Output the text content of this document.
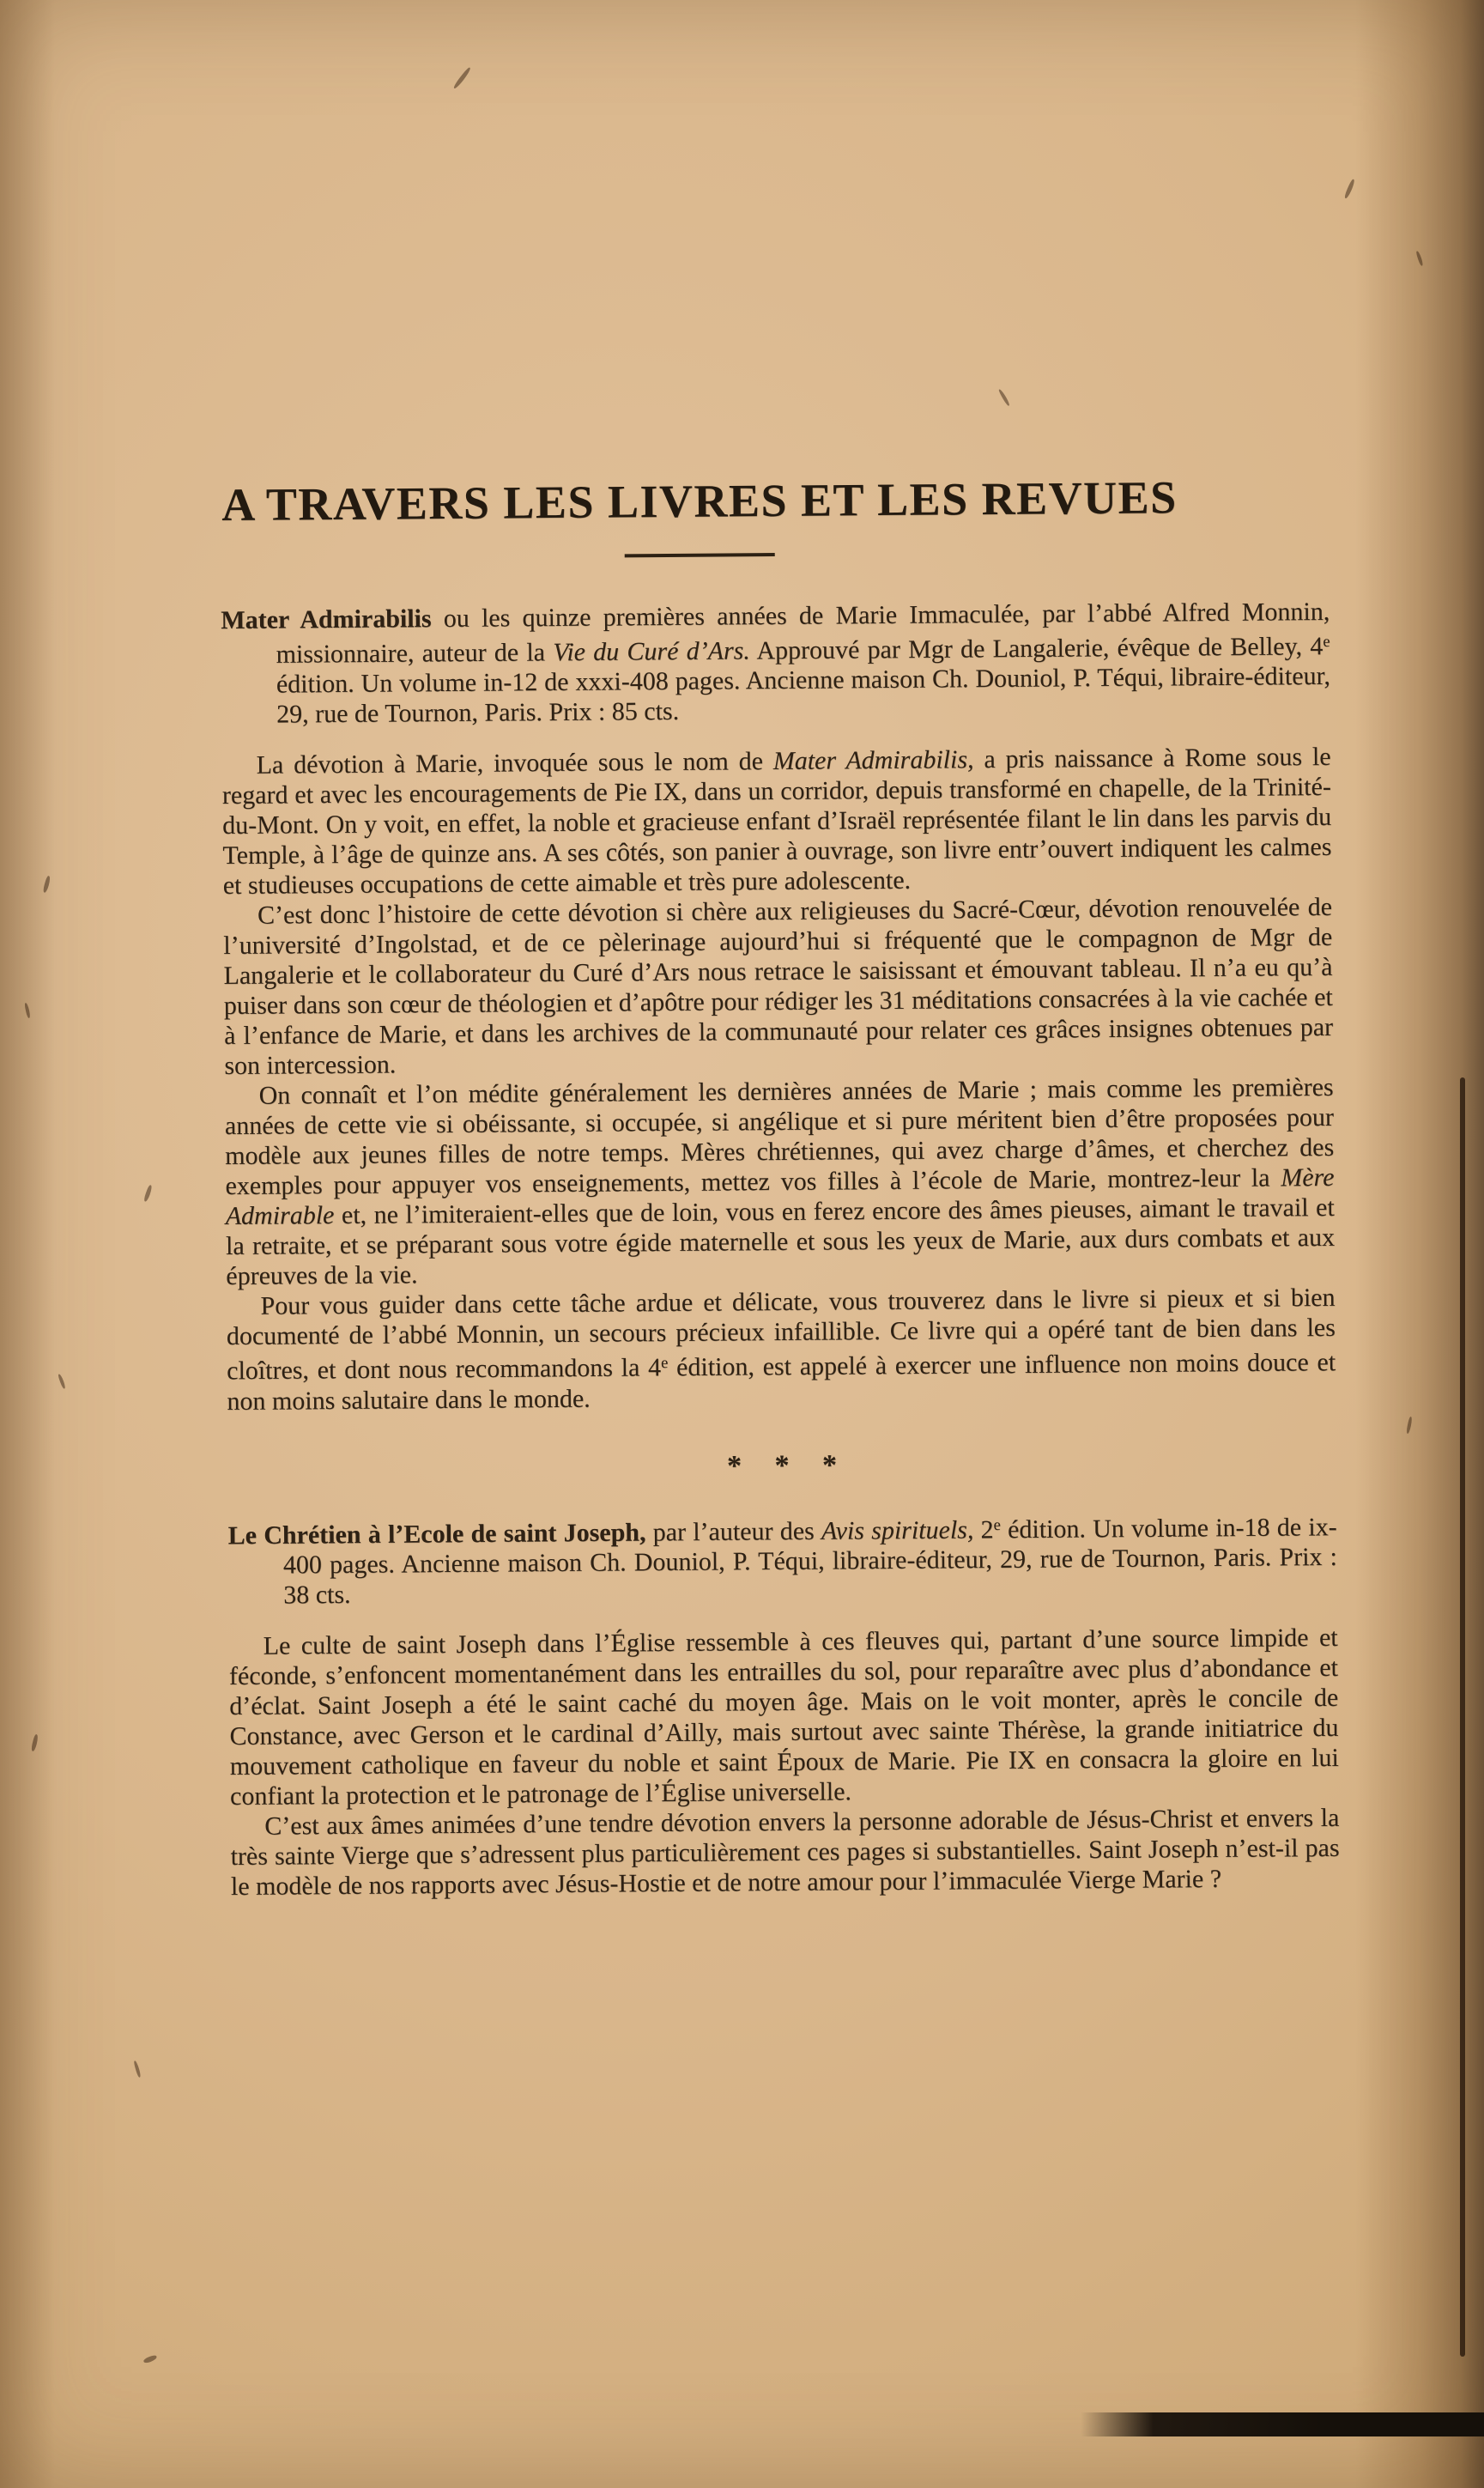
A TRAVERS LES LIVRES ET LES REVUES

Mater Admirabilis ou les quinze premières années de Marie Immaculée, par l’abbé Alfred Monnin, missionnaire, auteur de la Vie du Curé d’Ars. Approuvé par Mgr de Langalerie, évêque de Belley, 4e édition. Un volume in-12 de xxxi-408 pages. Ancienne maison Ch. Douniol, P. Téqui, libraire-éditeur, 29, rue de Tournon, Paris. Prix : 85 cts.

La dévotion à Marie, invoquée sous le nom de Mater Admirabilis, a pris naissance à Rome sous le regard et avec les encouragements de Pie IX, dans un corridor, depuis transformé en chapelle, de la Trinité-du-Mont. On y voit, en effet, la noble et gracieuse enfant d’Israël représentée filant le lin dans les parvis du Temple, à l’âge de quinze ans. A ses côtés, son panier à ouvrage, son livre entr’ouvert indiquent les calmes et studieuses occupations de cette aimable et très pure adolescente.

C’est donc l’histoire de cette dévotion si chère aux religieuses du Sacré-Cœur, dévotion renouvelée de l’université d’Ingolstad, et de ce pèlerinage aujourd’hui si fréquenté que le compagnon de Mgr de Langalerie et le collaborateur du Curé d’Ars nous retrace le saisissant et émouvant tableau. Il n’a eu qu’à puiser dans son cœur de théologien et d’apôtre pour rédiger les 31 méditations consacrées à la vie cachée et à l’enfance de Marie, et dans les archives de la communauté pour relater ces grâces insignes obtenues par son intercession.

On connaît et l’on médite généralement les dernières années de Marie ; mais comme les premières années de cette vie si obéissante, si occupée, si angélique et si pure méritent bien d’être proposées pour modèle aux jeunes filles de notre temps. Mères chrétiennes, qui avez charge d’âmes, et cherchez des exemples pour appuyer vos enseignements, mettez vos filles à l’école de Marie, montrez-leur la Mère Admirable et, ne l’imiteraient-elles que de loin, vous en ferez encore des âmes pieuses, aimant le travail et la retraite, et se préparant sous votre égide maternelle et sous les yeux de Marie, aux durs combats et aux épreuves de la vie.

Pour vous guider dans cette tâche ardue et délicate, vous trouverez dans le livre si pieux et si bien documenté de l’abbé Monnin, un secours précieux infaillible. Ce livre qui a opéré tant de bien dans les cloîtres, et dont nous recommandons la 4e édition, est appelé à exercer une influence non moins douce et non moins salutaire dans le monde.

* * *

Le Chrétien à l’Ecole de saint Joseph, par l’auteur des Avis spirituels, 2e édition. Un volume in-18 de ix-400 pages. Ancienne maison Ch. Douniol, P. Téqui, libraire-éditeur, 29, rue de Tournon, Paris. Prix : 38 cts.

Le culte de saint Joseph dans l’Église ressemble à ces fleuves qui, partant d’une source limpide et féconde, s’enfoncent momentanément dans les entrailles du sol, pour reparaître avec plus d’abondance et d’éclat. Saint Joseph a été le saint caché du moyen âge. Mais on le voit monter, après le concile de Constance, avec Gerson et le cardinal d’Ailly, mais surtout avec sainte Thérèse, la grande initiatrice du mouvement catholique en faveur du noble et saint Époux de Marie. Pie IX en consacra la gloire en lui confiant la protection et le patronage de l’Église universelle.

C’est aux âmes animées d’une tendre dévotion envers la personne adorable de Jésus-Christ et envers la très sainte Vierge que s’adressent plus particulièrement ces pages si substantielles. Saint Joseph n’est-il pas le modèle de nos rapports avec Jésus-Hostie et de notre amour pour l’immaculée Vierge Marie ?
